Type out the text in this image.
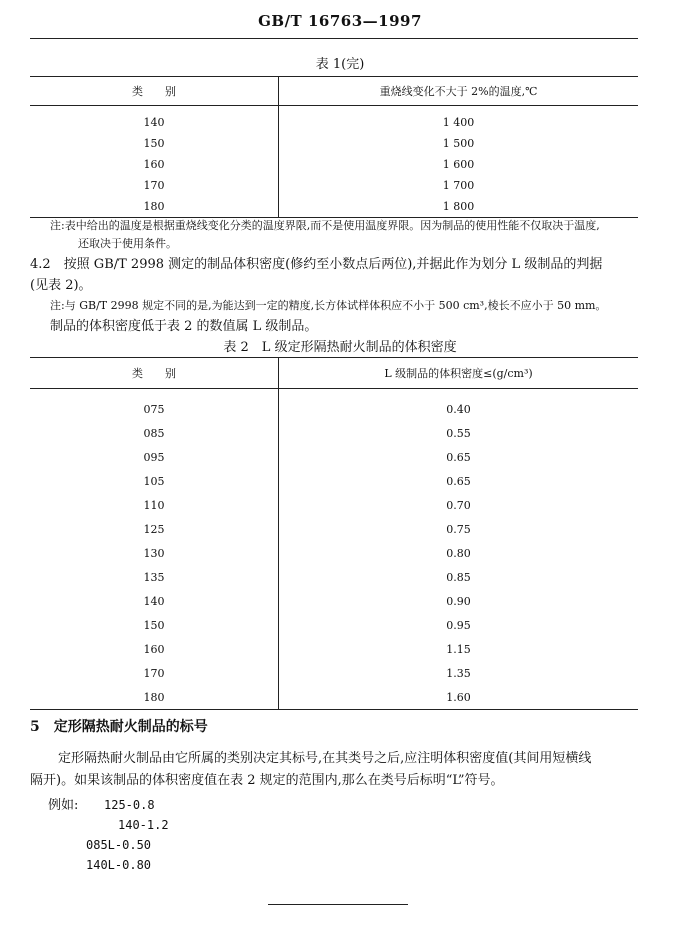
GB/T 16763—1997
表 1(完)
类　　别	重烧线变化不大于 2%的温度,℃
140	1 400
150	1 500
160	1 600
170	1 700
180	1 800
注:表中给出的温度是根据重烧线变化分类的温度界限,而不是使用温度界限。因为制品的使用性能不仅取决于温度,
还取决于使用条件。
4.2　按照 GB/T 2998 测定的制品体积密度(修约至小数点后两位),并据此作为划分 L 级制品的判据
(见表 2)。
注:与 GB/T 2998 规定不同的是,为能达到一定的精度,长方体试样体积应不小于 500 cm³,棱长不应小于 50 mm。
制品的体积密度低于表 2 的数值属 L 级制品。
表 2　L 级定形隔热耐火制品的体积密度
类　　别	L 级制品的体积密度≤(g/cm³)
075	0.40
085	0.55
095	0.65
105	0.65
110	0.70
125	0.75
130	0.80
135	0.85
140	0.90
150	0.95
160	1.15
170	1.35
180	1.60
5　定形隔热耐火制品的标号
定形隔热耐火制品由它所属的类别决定其标号,在其类号之后,应注明体积密度值(其间用短横线
隔开)。如果该制品的体积密度值在表 2 规定的范围内,那么在类号后标明“L”符号。
例如: 125-0.8
140-1.2
085L-0.50
140L-0.80
